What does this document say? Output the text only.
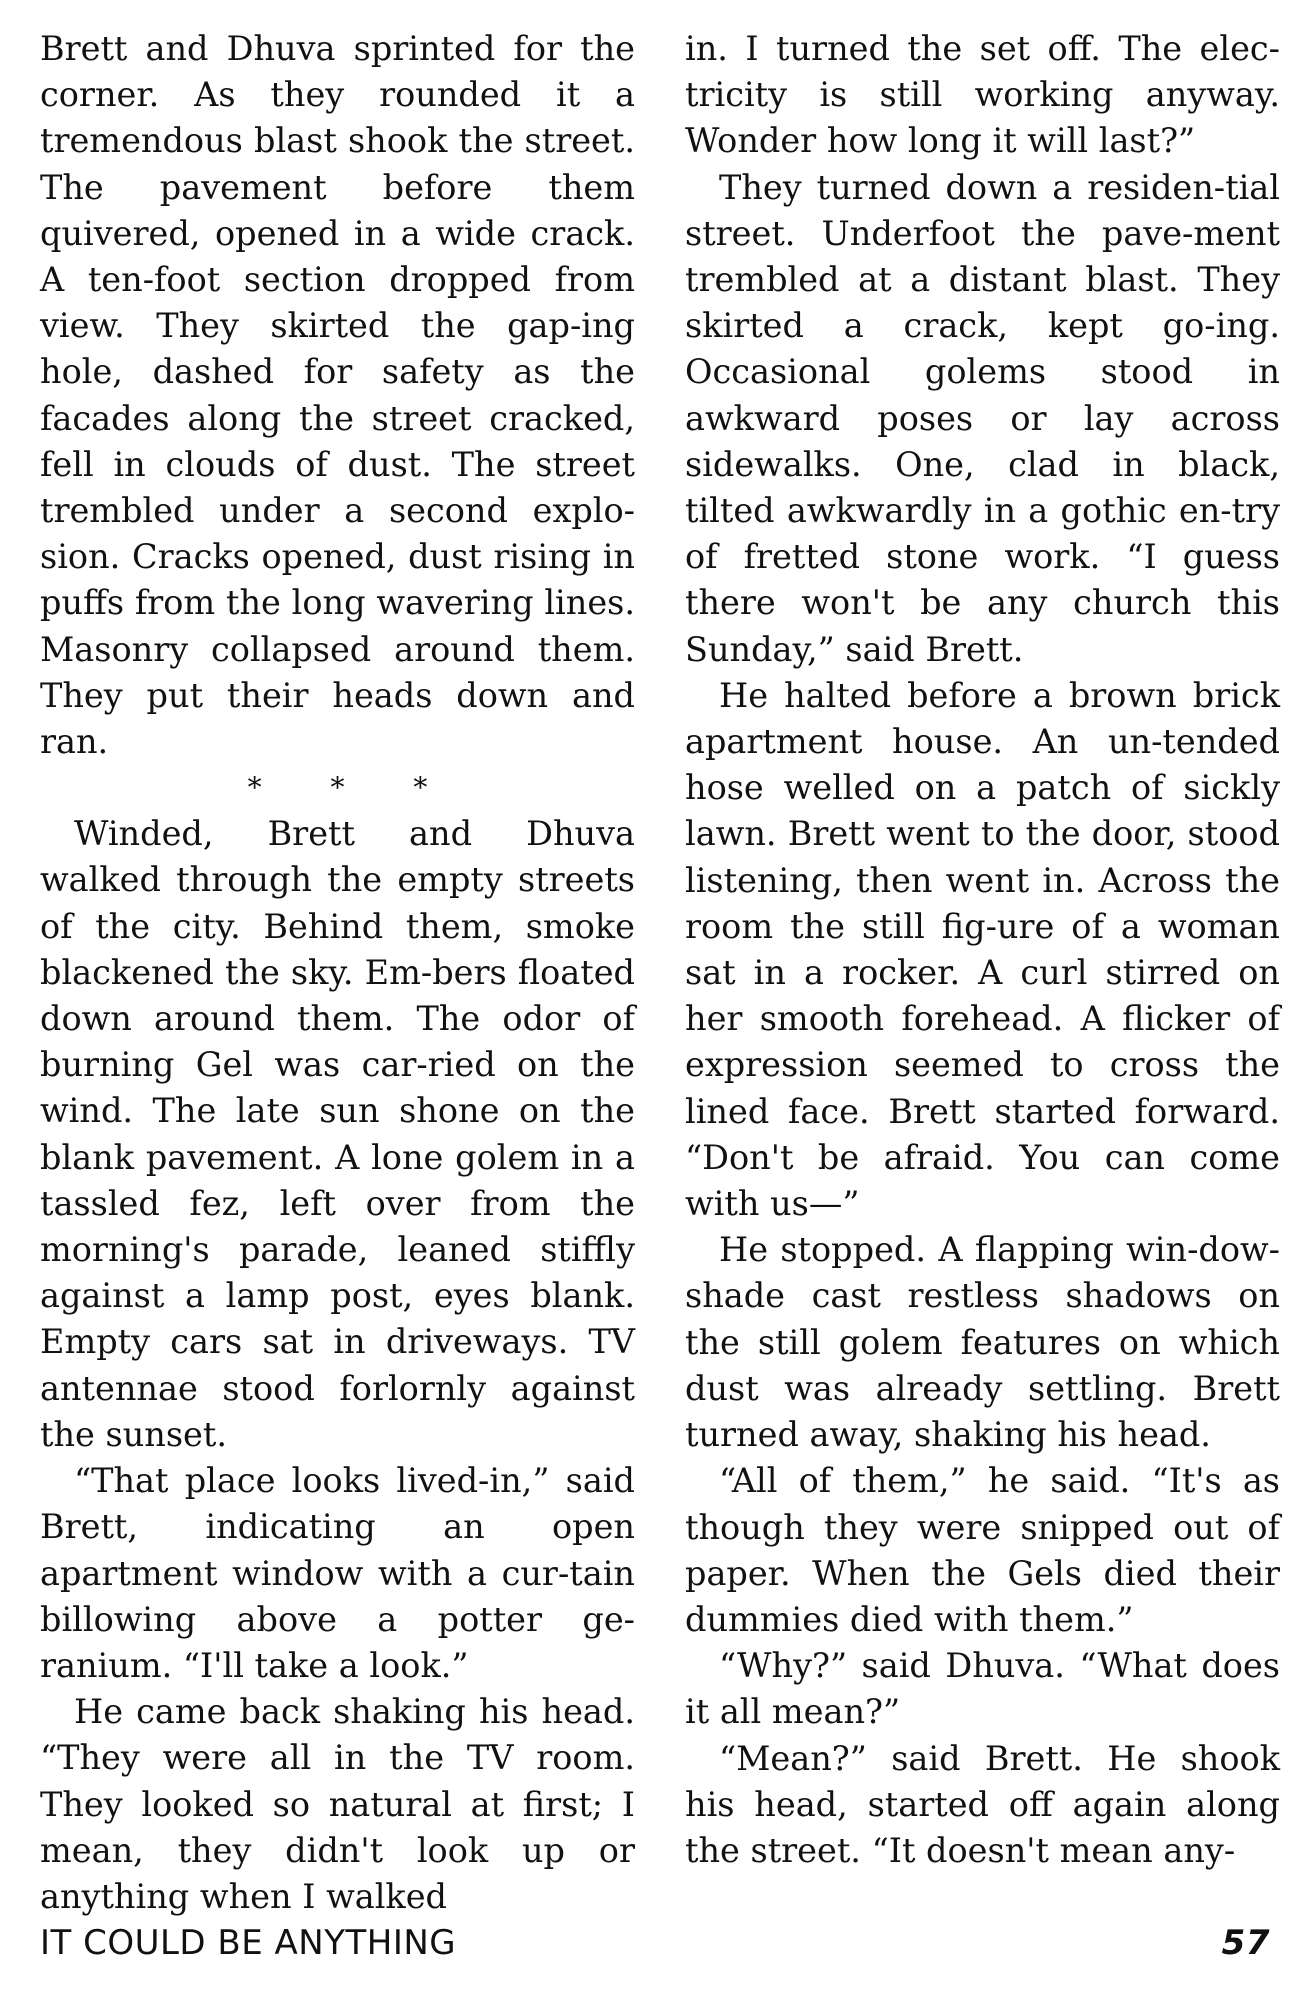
Brett and Dhuva sprinted for the corner. As they rounded it a tremendous blast shook the street. The pavement before them quivered, opened in a wide crack. A ten-foot section dropped from view. They skirted the gap-ing hole, dashed for safety as the facades along the street cracked, fell in clouds of dust. The street trembled under a second explo-sion. Cracks opened, dust rising in puffs from the long wavering lines. Masonry collapsed around them. They put their heads down and ran.

* * *

Winded, Brett and Dhuva walked through the empty streets of the city. Behind them, smoke blackened the sky. Em-bers floated down around them. The odor of burning Gel was car-ried on the wind. The late sun shone on the blank pavement. A lone golem in a tassled fez, left over from the morning's parade, leaned stiffly against a lamp post, eyes blank. Empty cars sat in driveways. TV antennae stood forlornly against the sunset.

“That place looks lived-in,” said Brett, indicating an open apartment window with a cur-tain billowing above a potter ge-ranium. “I'll take a look.”

He came back shaking his head. “They were all in the TV room. They looked so natural at first; I mean, they didn't look up or anything when I walked

in. I turned the set off. The elec-tricity is still working anyway. Wonder how long it will last?”

They turned down a residen-tial street. Underfoot the pave-ment trembled at a distant blast. They skirted a crack, kept go-ing. Occasional golems stood in awkward poses or lay across sidewalks. One, clad in black, tilted awkwardly in a gothic en-try of fretted stone work. “I guess there won't be any church this Sunday,” said Brett.

He halted before a brown brick apartment house. An un-tended hose welled on a patch of sickly lawn. Brett went to the door, stood listening, then went in. Across the room the still fig-ure of a woman sat in a rocker. A curl stirred on her smooth forehead. A flicker of expression seemed to cross the lined face. Brett started forward. “Don't be afraid. You can come with us—”

He stopped. A flapping win-dow-shade cast restless shadows on the still golem features on which dust was already settling. Brett turned away, shaking his head.

“All of them,” he said. “It's as though they were snipped out of paper. When the Gels died their dummies died with them.”

“Why?” said Dhuva. “What does it all mean?”

“Mean?” said Brett. He shook his head, started off again along the street. “It doesn't mean any-

IT COULD BE ANYTHING	57
